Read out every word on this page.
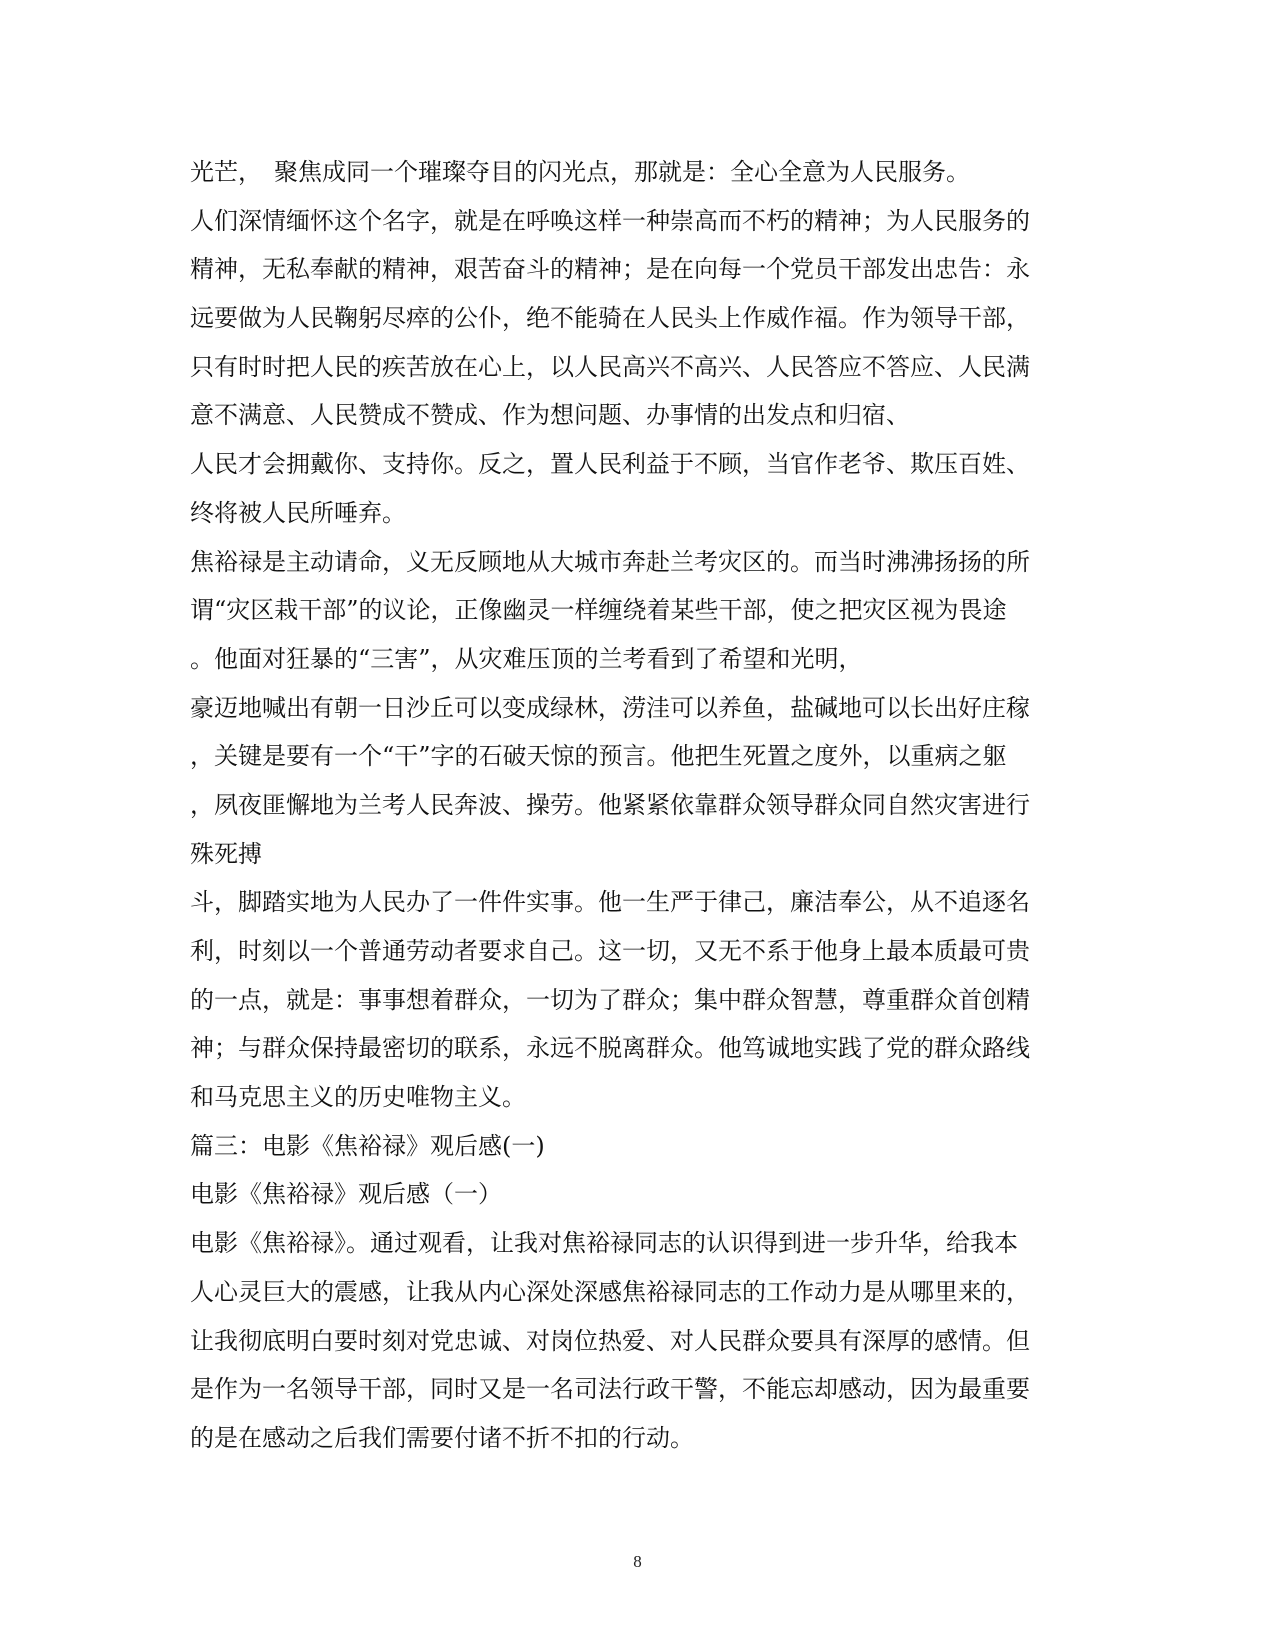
光芒，　聚焦成同一个璀璨夺目的闪光点，那就是：全心全意为人民服务。
人们深情缅怀这个名字，就是在呼唤这样一种崇高而不朽的精神；为人民服务的
精神，无私奉献的精神，艰苦奋斗的精神；是在向每一个党员干部发出忠告：永
远要做为人民鞠躬尽瘁的公仆，绝不能骑在人民头上作威作福。作为领导干部，
只有时时把人民的疾苦放在心上，以人民高兴不高兴、人民答应不答应、人民满
意不满意、人民赞成不赞成、作为想问题、办事情的出发点和归宿、
人民才会拥戴你、支持你。反之，置人民利益于不顾，当官作老爷、欺压百姓、
终将被人民所唾弃。
焦裕禄是主动请命，义无反顾地从大城市奔赴兰考灾区的。而当时沸沸扬扬的所
谓“灾区栽干部”的议论，正像幽灵一样缠绕着某些干部，使之把灾区视为畏途
。他面对狂暴的“三害”，从灾难压顶的兰考看到了希望和光明，
豪迈地喊出有朝一日沙丘可以变成绿林，涝洼可以养鱼，盐碱地可以长出好庄稼
，关键是要有一个“干”字的石破天惊的预言。他把生死置之度外，以重病之躯
，夙夜匪懈地为兰考人民奔波、操劳。他紧紧依靠群众领导群众同自然灾害进行
殊死搏
斗，脚踏实地为人民办了一件件实事。他一生严于律己，廉洁奉公，从不追逐名
利，时刻以一个普通劳动者要求自己。这一切，又无不系于他身上最本质最可贵
的一点，就是：事事想着群众，一切为了群众；集中群众智慧，尊重群众首创精
神；与群众保持最密切的联系，永远不脱离群众。他笃诚地实践了党的群众路线
和马克思主义的历史唯物主义。
篇三：电影《焦裕禄》观后感(一)
电影《焦裕禄》观后感（一）
电影《焦裕禄》。通过观看，让我对焦裕禄同志的认识得到进一步升华，给我本
人心灵巨大的震感，让我从内心深处深感焦裕禄同志的工作动力是从哪里来的，
让我彻底明白要时刻对党忠诚、对岗位热爱、对人民群众要具有深厚的感情。但
是作为一名领导干部，同时又是一名司法行政干警，不能忘却感动，因为最重要
的是在感动之后我们需要付诸不折不扣的行动。
8
